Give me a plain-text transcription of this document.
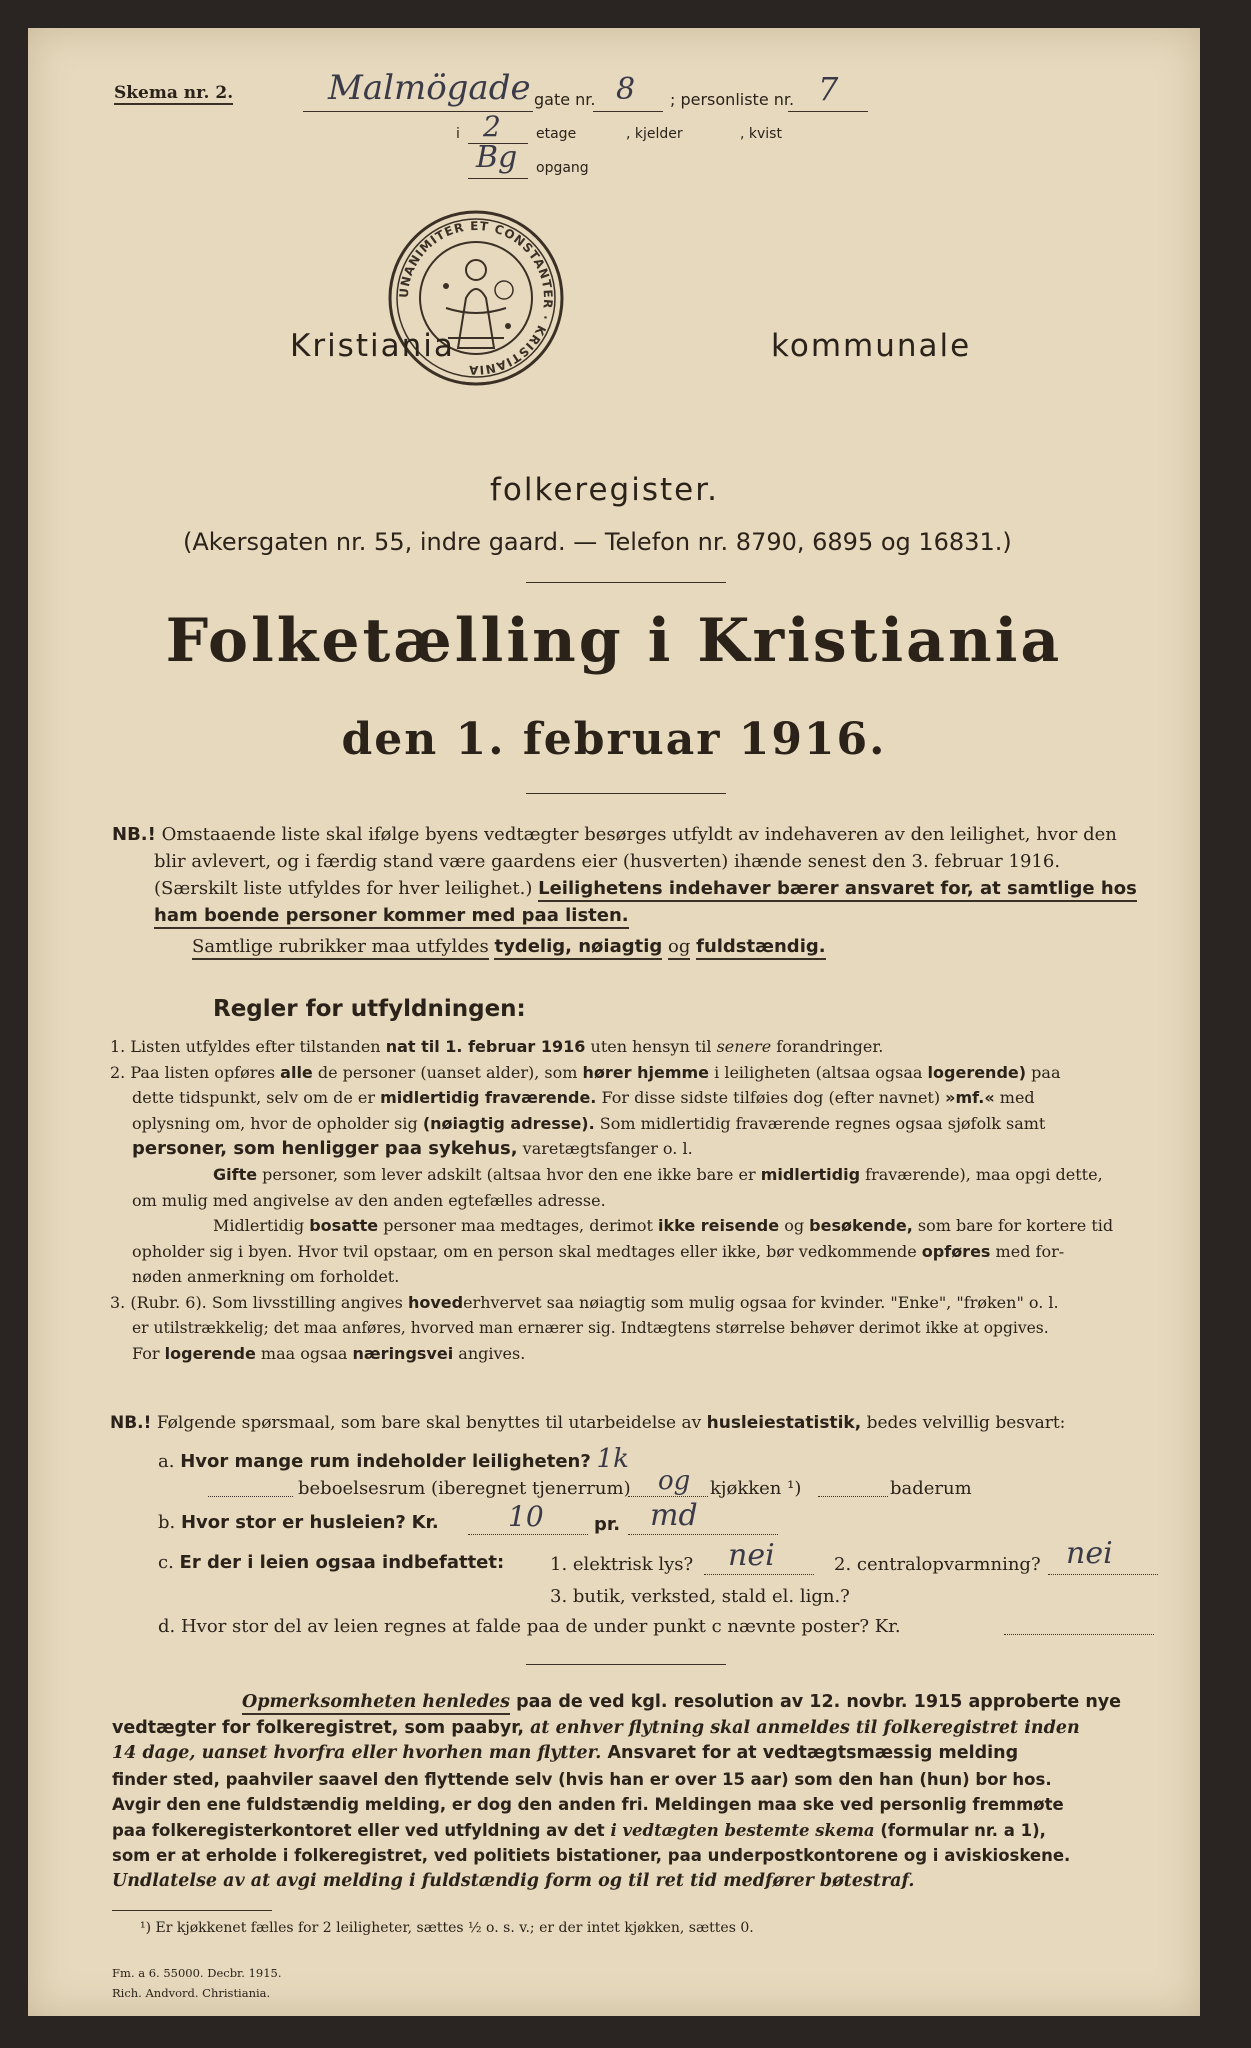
Skema nr. 2.	Malmögade gate nr. 8 ; personliste nr. 7
i 2	etage	, kjelder	, kvist
Bg opgang
UNANIMITER ET CONSTANTER · KRISTIANIA
Kristiania	kommunale
folkeregister.
(Akersgaten nr. 55, indre gaard. — Telefon nr. 8790, 6895 og 16831.)
Folketælling i Kristiania
den 1. februar 1916.
NB.! Omstaaende liste skal ifølge byens vedtægter besørges utfyldt av indehaveren av den leilighet, hvor den
blir avlevert, og i færdig stand være gaardens eier (husverten) ihænde senest den 3. februar 1916.
(Særskilt liste utfyldes for hver leilighet.) Leilighetens indehaver bærer ansvaret for, at samtlige hos
ham boende personer kommer med paa listen.
Samtlige rubrikker maa utfyldes tydelig, nøiagtig og fuldstændig.
Regler for utfyldningen:

1. Listen utfyldes efter tilstanden nat til 1. februar 1916 uten hensyn til senere forandringer.

2. Paa listen opføres alle de personer (uanset alder), som hører hjemme i leiligheten (altsaa ogsaa logerende) paa

dette tidspunkt, selv om de er midlertidig fraværende. For disse sidste tilføies dog (efter navnet) »mf.« med

oplysning om, hvor de opholder sig (nøiagtig adresse). Som midlertidig fraværende regnes ogsaa sjøfolk samt

personer, som henligger paa sykehus, varetægtsfanger o. l.

Gifte personer, som lever adskilt (altsaa hvor den ene ikke bare er midlertidig fraværende), maa opgi dette,

om mulig med angivelse av den anden egtefælles adresse.

Midlertidig bosatte personer maa medtages, derimot ikke reisende og besøkende, som bare for kortere tid

opholder sig i byen. Hvor tvil opstaar, om en person skal medtages eller ikke, bør vedkommende opføres med for-

nøden anmerkning om forholdet.

3. (Rubr. 6). Som livsstilling angives hovederhvervet saa nøiagtig som mulig ogsaa for kvinder. "Enke", "frøken" o. l.

er utilstrækkelig; det maa anføres, hvorved man ernærer sig. Indtægtens størrelse behøver derimot ikke at opgives.

For logerende maa ogsaa næringsvei angives.

NB.! Følgende spørsmaal, som bare skal benyttes til utarbeidelse av husleiestatistik, bedes velvillig besvart:
a. Hvor mange rum indeholder leiligheten? 1k
beboelsesrum (iberegnet tjenerrum) og kjøkken ¹)	baderum
b. Hvor stor er husleien? Kr. 10	pr. md
c. Er der i leien ogsaa indbefattet:	1. elektrisk lys? nei	2. centralopvarmning? nei
3. butik, verksted, stald el. lign.?
d. Hvor stor del av leien regnes at falde paa de under punkt c nævnte poster? Kr.
Opmerksomheten henledes paa de ved kgl. resolution av 12. novbr. 1915 approberte nye
vedtægter for folkeregistret, som paabyr, at enhver flytning skal anmeldes til folkeregistret inden
14 dage, uanset hvorfra eller hvorhen man flytter. Ansvaret for at vedtægtsmæssig melding
finder sted, paahviler saavel den flyttende selv (hvis han er over 15 aar) som den han (hun) bor hos.
Avgir den ene fuldstændig melding, er dog den anden fri. Meldingen maa ske ved personlig fremmøte
paa folkeregisterkontoret eller ved utfyldning av det i vedtægten bestemte skema (formular nr. a 1),
som er at erholde i folkeregistret, ved politiets bistationer, paa underpostkontorene og i aviskioskene.
Undlatelse av at avgi melding i fuldstændig form og til ret tid medfører bøtestraf.
¹) Er kjøkkenet fælles for 2 leiligheter, sættes ½ o. s. v.; er der intet kjøkken, sættes 0.
Fm. a 6. 55000. Decbr. 1915.
Rich. Andvord. Christiania.
